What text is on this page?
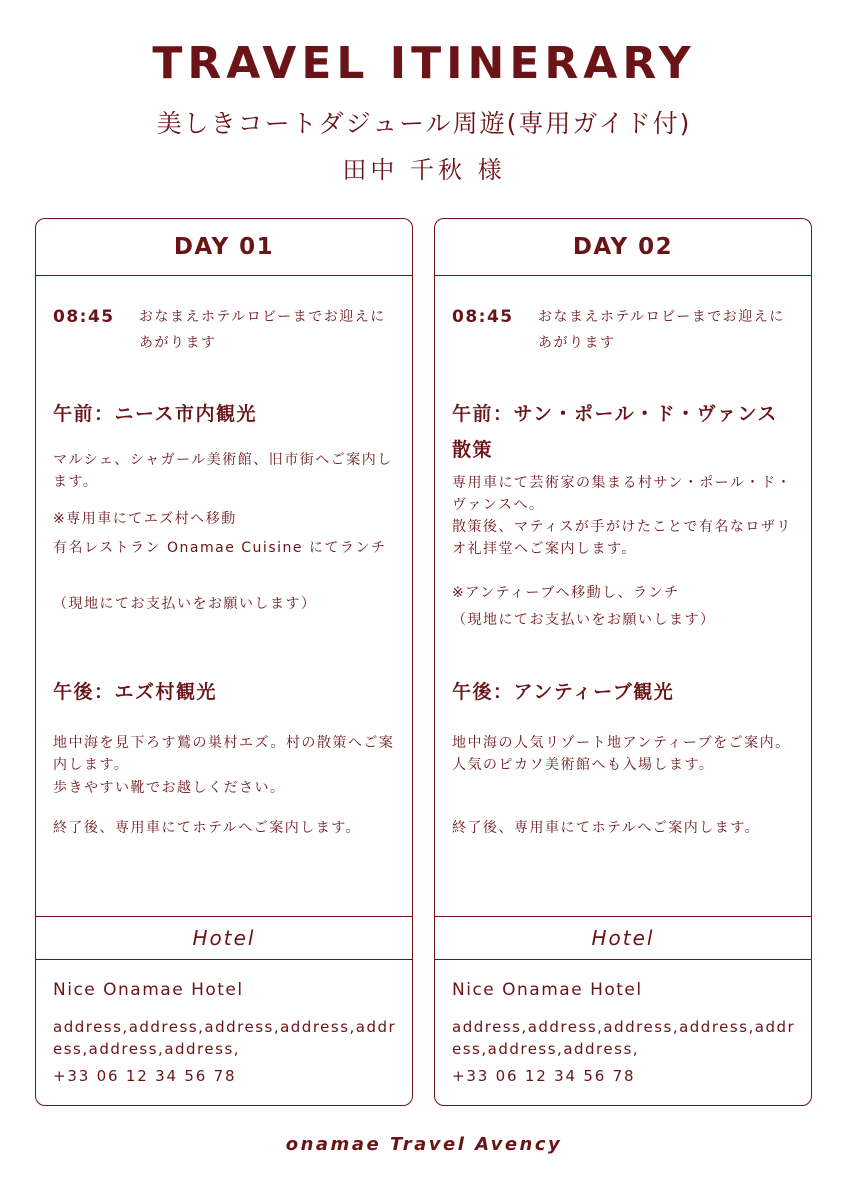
TRAVEL ITINERARY
美しきコートダジュール周遊(専用ガイド付)
田中 千秋 様
DAY 01
08:45	おなまえホテルロビーまでお迎えにあがります
午前：ニース市内観光
マルシェ、シャガール美術館、旧市街へご案内します。
※専用車にてエズ村へ移動
有名レストラン Onamae Cuisine にてランチ
（現地にてお支払いをお願いします）
午後：エズ村観光
地中海を見下ろす鷲の巣村エズ。村の散策へご案内します。
歩きやすい靴でお越しください。
終了後、専用車にてホテルへご案内します。
Hotel
Nice Onamae Hotel
address,address,address,address,address,address,address,
+33 06 12 34 56 78
DAY 02
08:45	おなまえホテルロビーまでお迎えにあがります
午前：サン・ポール・ド・ヴァンス散策
専用車にて芸術家の集まる村サン・ポール・ド・ヴァンスへ。
散策後、マティスが手がけたことで有名なロザリオ礼拝堂へご案内します。
※アンティーブへ移動し、ランチ
（現地にてお支払いをお願いします）
午後：アンティーブ観光
地中海の人気リゾート地アンティーブをご案内。人気のピカソ美術館へも入場します。
終了後、専用車にてホテルへご案内します。
Hotel
Nice Onamae Hotel
address,address,address,address,address,address,address,
+33 06 12 34 56 78
onamae Travel Avency
